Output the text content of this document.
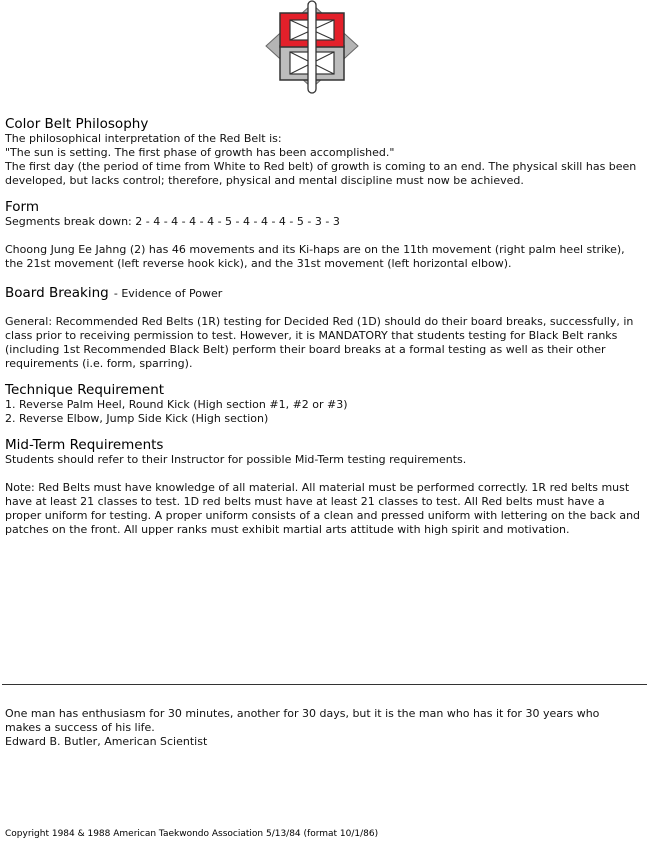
Color Belt Philosophy

The philosophical interpretation of the Red Belt is:

"The sun is setting. The first phase of growth has been accomplished."

The first day (the period of time from White to Red belt) of growth is coming to an end. The physical skill has been developed, but lacks control; therefore, physical and mental discipline must now be achieved.

Form

Segments break down: 2 - 4 - 4 - 4 - 4 - 5 - 4 - 4 - 4 - 5 - 3 - 3

Choong Jung Ee Jahng (2) has 46 movements and its Ki-haps are on the 11th movement (right palm heel strike), the 21st movement (left reverse hook kick), and the 31st movement (left horizontal elbow).

Board Breaking - Evidence of Power

General: Recommended Red Belts (1R) testing for Decided Red (1D) should do their board breaks, successfully, in class prior to receiving permission to test. However, it is MANDATORY that students testing for Black Belt ranks (including 1st Recommended Black Belt) perform their board breaks at a formal testing as well as their other requirements (i.e. form, sparring).

Technique Requirement

1. Reverse Palm Heel, Round Kick (High section #1, #2 or #3)

2. Reverse Elbow, Jump Side Kick (High section)

Mid-Term Requirements

Students should refer to their Instructor for possible Mid-Term testing requirements.

Note: Red Belts must have knowledge of all material. All material must be performed correctly. 1R red belts must have at least 21 classes to test. 1D red belts must have at least 21 classes to test. All Red belts must have a proper uniform for testing. A proper uniform consists of a clean and pressed uniform with lettering on the back and patches on the front. All upper ranks must exhibit martial arts attitude with high spirit and motivation.

One man has enthusiasm for 30 minutes, another for 30 days, but it is the man who has it for 30 years who makes a success of his life.

Edward B. Butler, American Scientist

Copyright 1984 & 1988 American Taekwondo Association 5/13/84 (format 10/1/86)
